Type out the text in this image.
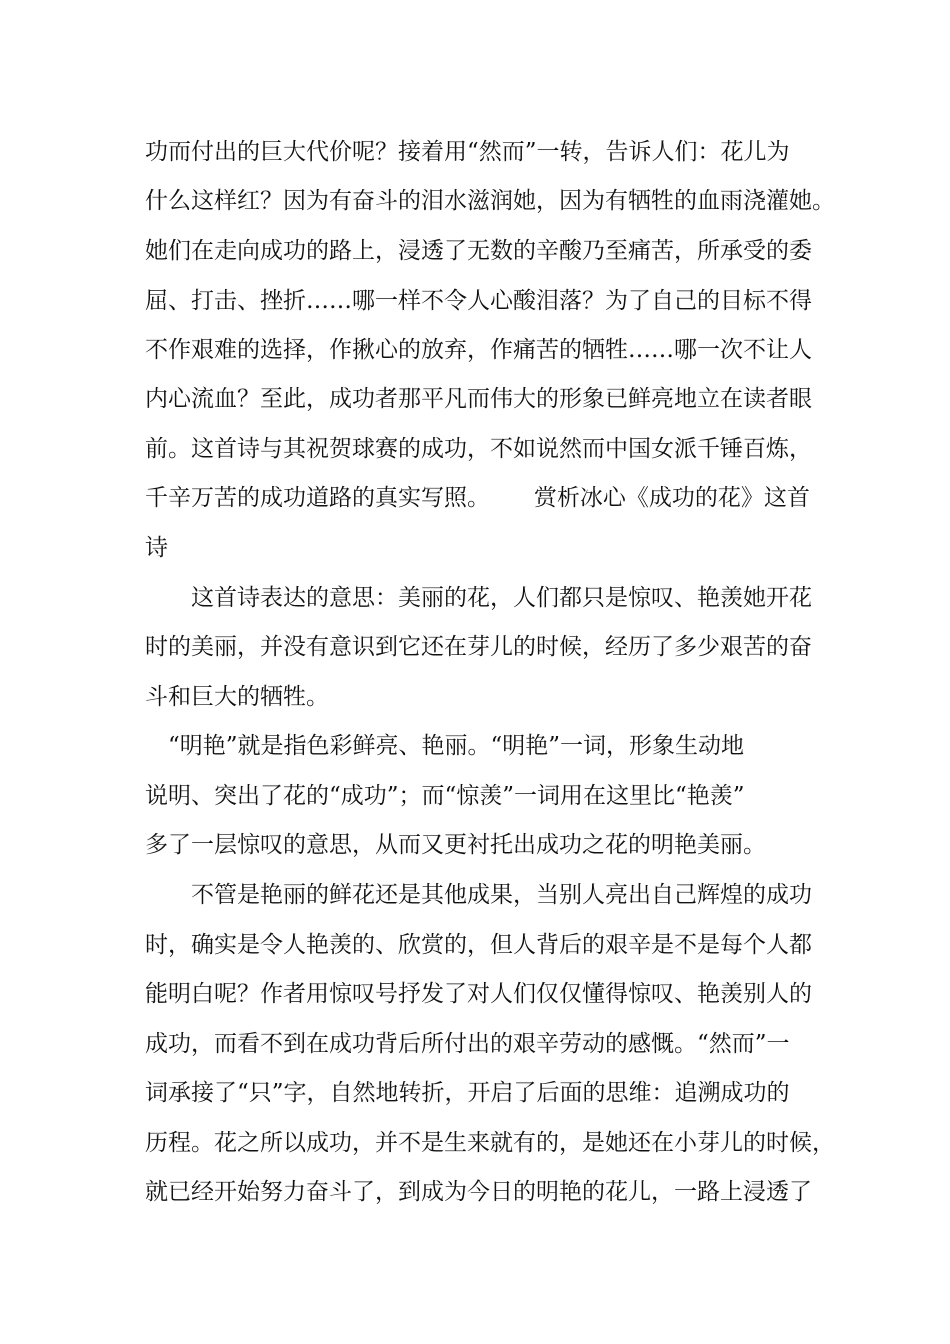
功而付出的巨大代价呢？接着用“然而”一转，告诉人们：花儿为
什么这样红？因为有奋斗的泪水滋润她，因为有牺牲的血雨浇灌她。
她们在走向成功的路上，浸透了无数的辛酸乃至痛苦，所承受的委
屈、打击、挫折……哪一样不令人心酸泪落？为了自己的目标不得
不作艰难的选择，作揪心的放弃，作痛苦的牺牲……哪一次不让人
内心流血？至此，成功者那平凡而伟大的形象已鲜亮地立在读者眼
前。这首诗与其祝贺球赛的成功，不如说然而中国女派千锤百炼，
千辛万苦的成功道路的真实写照。      赏析冰心《成功的花》这首
诗
　　这首诗表达的意思：美丽的花，人们都只是惊叹、艳羡她开花
时的美丽，并没有意识到它还在芽儿的时候，经历了多少艰苦的奋
斗和巨大的牺牲。
　“明艳”就是指色彩鲜亮、艳丽。“明艳”一词，形象生动地
说明、突出了花的“成功”；而“惊羡”一词用在这里比“艳羡”
多了一层惊叹的意思，从而又更衬托出成功之花的明艳美丽。
　　不管是艳丽的鲜花还是其他成果，当别人亮出自己辉煌的成功
时，确实是令人艳羡的、欣赏的，但人背后的艰辛是不是每个人都
能明白呢？作者用惊叹号抒发了对人们仅仅懂得惊叹、艳羡别人的
成功，而看不到在成功背后所付出的艰辛劳动的感慨。“然而”一
词承接了“只”字，自然地转折，开启了后面的思维：追溯成功的
历程。花之所以成功，并不是生来就有的，是她还在小芽儿的时候，
就已经开始努力奋斗了，到成为今日的明艳的花儿，一路上浸透了
